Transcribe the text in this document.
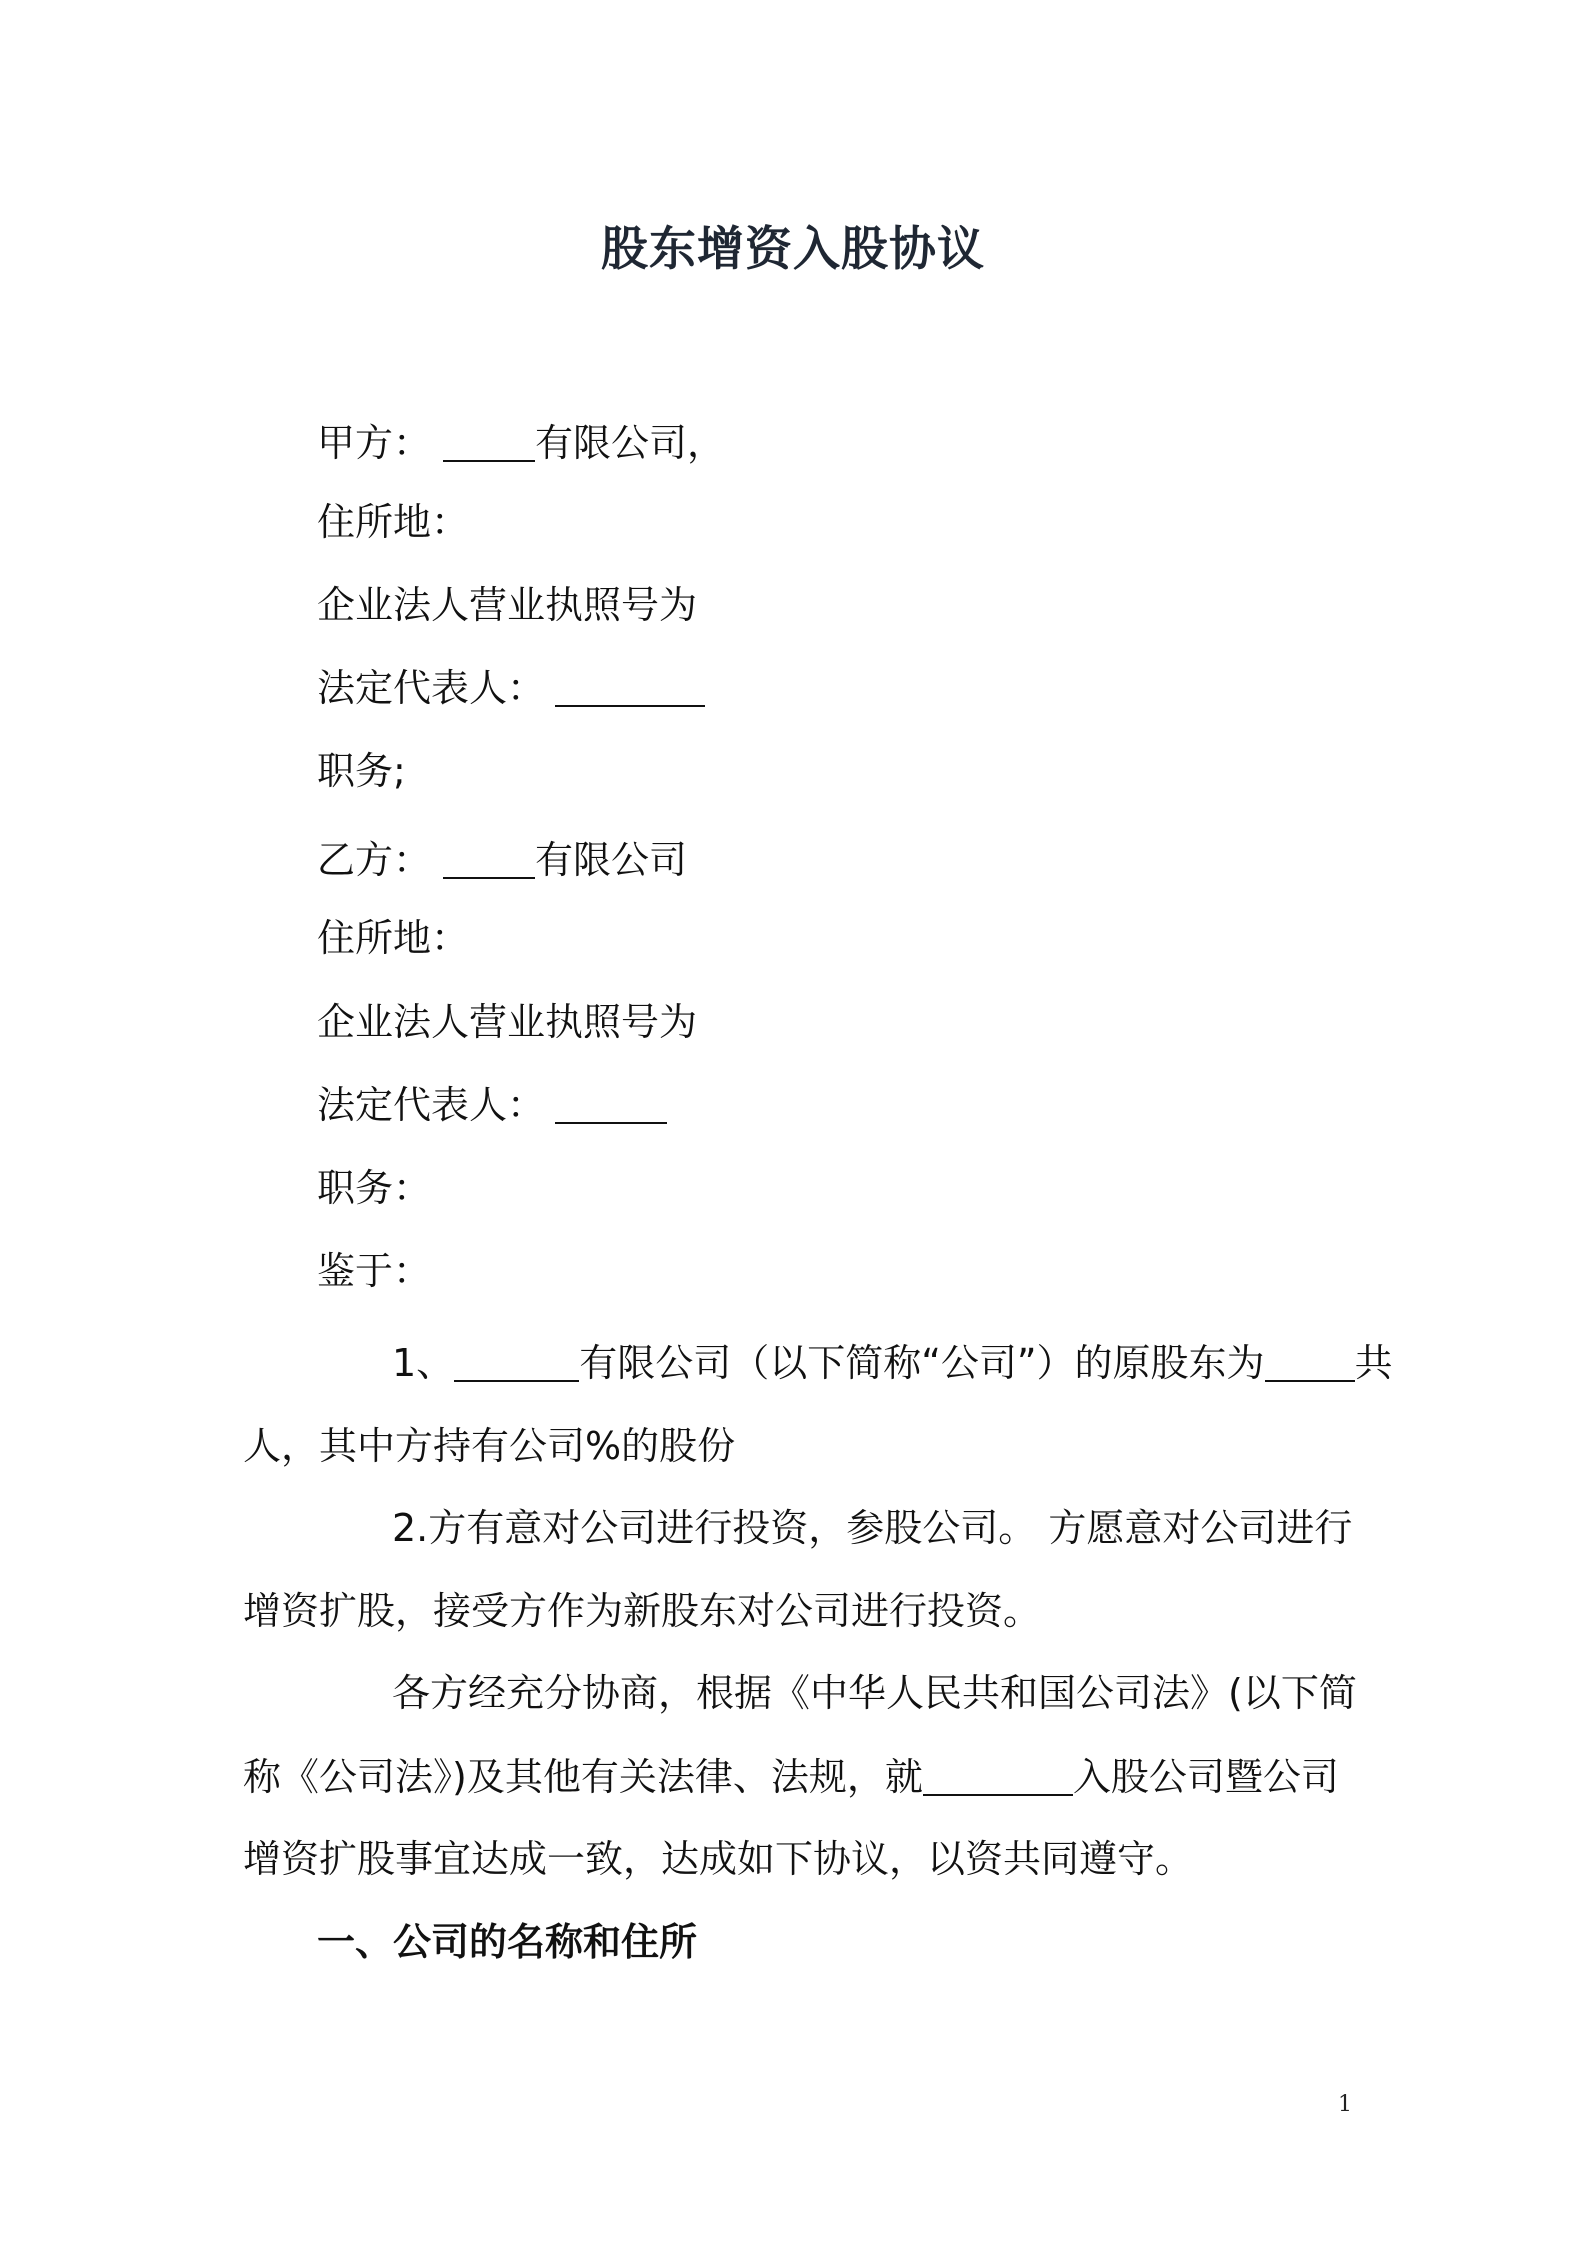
股东增资入股协议
甲方：	有限公司，
住所地：
企业法人营业执照号为
法定代表人：
职务;
乙方：	有限公司
住所地：
企业法人营业执照号为
法定代表人：
职务：
鉴于：
1、	有限公司（以下简称“公司”）的原股东为 共
人，其中方持有公司%的股份
2.方有意对公司进行投资，参股公司。 方愿意对公司进行
增资扩股，接受方作为新股东对公司进行投资。
各方经充分协商，根据《中华人民共和国公司法》(以下简
称《公司法》)及其他有关法律、法规，就	入股公司暨公司
增资扩股事宜达成一致，达成如下协议，以资共同遵守。
一、公司的名称和住所
1
